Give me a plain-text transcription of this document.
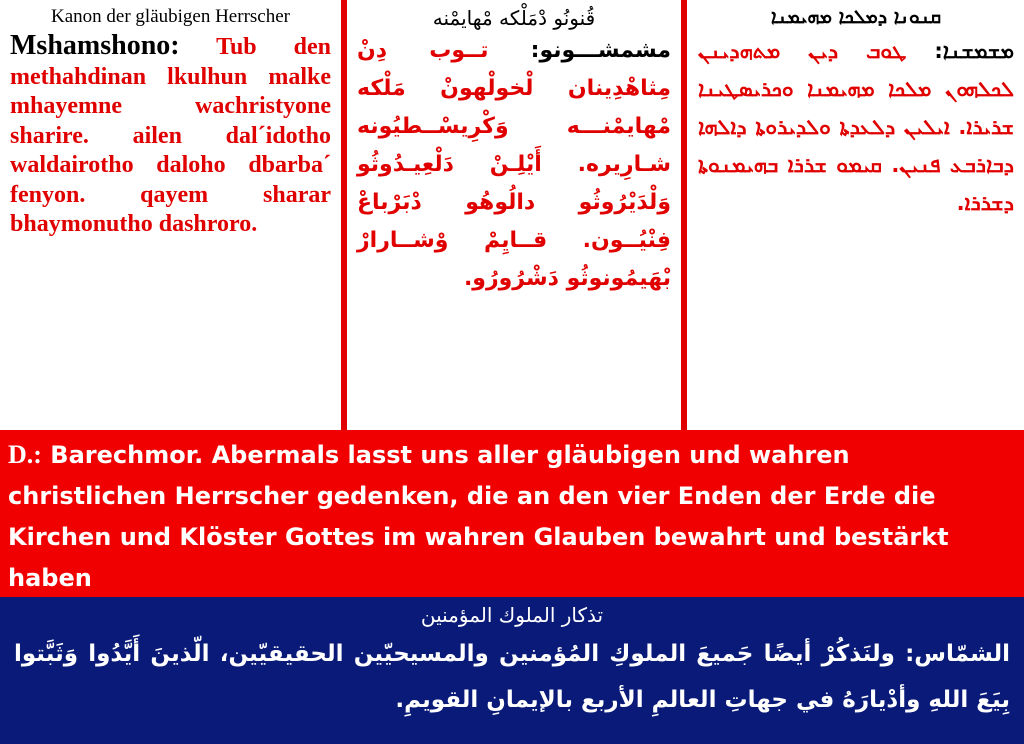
Kanon der gläubigen Herrscher
Mshamshono: Tub den methahdinan lkulhun malke mhayemne wachristyone sharire. ailen dal´idotho waldairotho daloho dbarba´ fenyon. qayem sharar bhaymonutho dashroro.
قُنونُو دْمَلْكه مْهايمْنه
مشمشـــونو: تــوب دِنْ مِثاهْدِينان لْخولْهونْ مَلْكه مْهايمْنـــه وَكْرِيسْــطيُونه شـارِيره. أَيْلِـنْ دَلْعِيـدُوثُو وَلْدَيْرُوثُو دالُوهُو دْبَرْباعْ فِنْيُــون. قــايِمْ وْشــارارْ بْهَيمُونوثُو دَشْرُورُو.
ܩܢܘܢܐ ܕܡܠܟܐ ܡܗܝܡܢܐ
ܡܫܡܫܢܐ: ܛܘܒ ܕܝܢ ܡܬܗܕܝܢܢ ܠܟܠܗܘܢ ܡܠܟܐ ܡܗܝܡܢܐ ܘܟܪܝܣܛܝܢܐ ܫܪܝܪܐ. ܐܝܠܝܢ ܕܠܥܕܬܐ ܘܠܕܝܪܘܬܐ ܕܐܠܗܐ ܕܒܐܪܒܥ ܦܢܝܢ. ܩܝܡܘ ܫܪܪܐ ܒܗܝܡܢܘܬܐ ܕܫܪܪܐ.
D.: Barechmor. Abermals lasst uns aller gläubigen und wahren christlichen Herrscher gedenken, die an den vier Enden der Erde die Kirchen und Klöster Gottes im wahren Glauben bewahrt und bestärkt haben
تذكار الملوك المؤمنين
الشمّاس: ولنَذكُرْ أيضًا جَميعَ الملوكِ المُؤمنين والمسيحيّين الحقيقيّين، الّذينَ أَيَّدُوا وَثَبَّتوا بِيَعَ اللهِ وأدْيارَهُ في جهاتِ العالمِ الأربع بالإيمانِ القويمِ.
